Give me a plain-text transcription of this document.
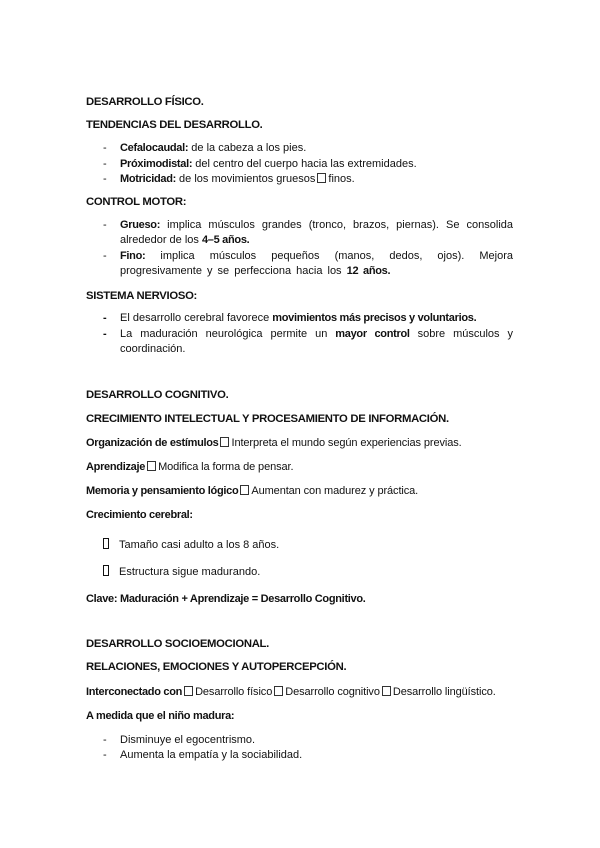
DESARROLLO FÍSICO.
TENDENCIAS DEL DESARROLLO.
-	Cefalocaudal: de la cabeza a los pies.
-	Próximodistal: del centro del cuerpo hacia las extremidades.
-	Motricidad: de los movimientos gruesos finos.
CONTROL MOTOR:
-	Grueso: implica músculos grandes (tronco, brazos, piernas). Se consolida alrededor de los 4–5 años.
-	Fino: implica músculos pequeños (manos, dedos, ojos). Mejora progresivamente y se perfecciona hacia los 12 años.
SISTEMA NERVIOSO:
-	El desarrollo cerebral favorece movimientos más precisos y voluntarios.
-	La maduración neurológica permite un mayor control sobre músculos y coordinación.
DESARROLLO COGNITIVO.
CRECIMIENTO INTELECTUAL Y PROCESAMIENTO DE INFORMACIÓN.
Organización de estímulos Interpreta el mundo según experiencias previas.
Aprendizaje Modifica la forma de pensar.
Memoria y pensamiento lógico Aumentan con madurez y práctica.
Crecimiento cerebral:
Tamaño casi adulto a los 8 años.
Estructura sigue madurando.
Clave: Maduración + Aprendizaje = Desarrollo Cognitivo.
DESARROLLO SOCIOEMOCIONAL.
RELACIONES, EMOCIONES Y AUTOPERCEPCIÓN.
Interconectado con Desarrollo físico Desarrollo cognitivo Desarrollo lingüístico.
A medida que el niño madura:
-	Disminuye el egocentrismo.
-	Aumenta la empatía y la sociabilidad.
